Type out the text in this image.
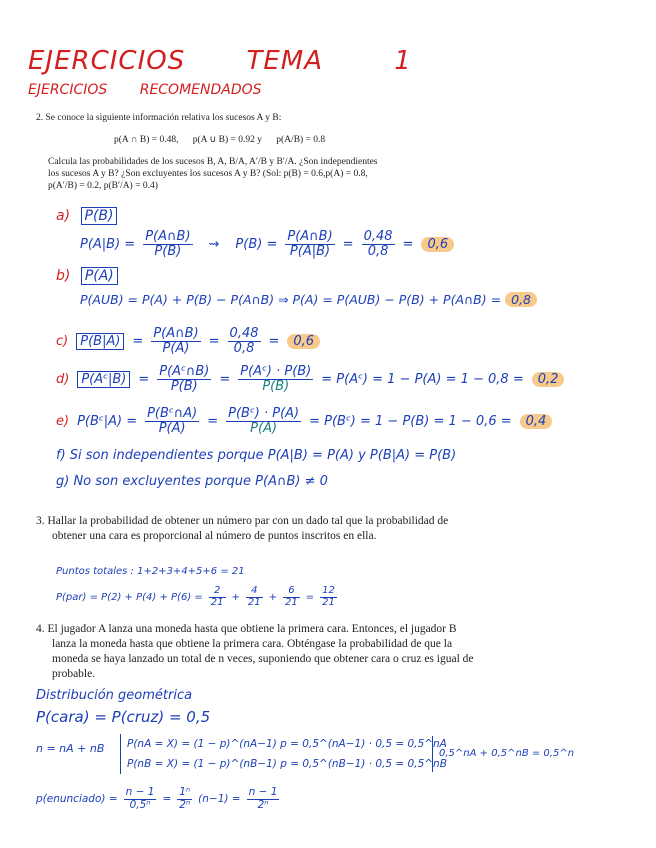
EJERCICIOS TEMA	1
EJERCICIOS RECOMENDADOS
2. Se conoce la siguiente información relativa los sucesos A y B:
p(A ∩ B) = 0.48,      p(A ∪ B) = 0.92 y      p(A/B) = 0.8
Calcula las probabilidades de los sucesos B, A, B/A, A′/B y B′/A. ¿Son independientes
los sucesos A y B? ¿Son excluyentes los sucesos A y B? (Sol: p(B) = 0.6,p(A) = 0.8,
p(A′/B) = 0.2, p(B′/A) = 0.4)
a) P(B)
$P(A|B) = \frac{P(A\cap B)}{P(B)}$ ⇝ $P(B) = \frac{P(A\cap B)}{P(A|B)} = \frac{0,48}{0,8}$ =	0,6
b) P(A)
P(AUB) = P(A) + P(B) − P(A∩B) ⇒ P(A) = P(AUB) − P(B) + P(A∩B) = 0,8
c) $P(B|A) = \frac{P(A\cap B)}{P(A)} = \frac{0,48}{0,8}$ =	0,6
d) P(Aᶜ|B) = $\frac{\text{P(Aᶜ∩B)}}{P(B)} = \frac{\text{P(Aᶜ) · P(B)}}{P(B)}$ = P(Aᶜ) = 1 − P(A) = 1 − 0,8 =	0,2
e) P(Bᶜ|A) = $\frac{\text{P(Bᶜ∩A)}}{P(A)} = \frac{\text{P(Bᶜ) · P(A)}}{P(A)}$ = P(Bᶜ) = 1 − P(B) = 1 − 0,6 =	0,4
f) Si son independientes porque P(A|B) = P(A) y P(B|A) = P(B)
g) No son excluyentes porque P(A∩B) ≠ 0
3. Hallar la probabilidad de obtener un número par con un dado tal que la probabilidad de
obtener una cara es proporcional al número de puntos inscritos en ella.
Puntos totales : 1+2+3+4+5+6 = 21
$P(par) = P(2) + P(4) + P(6) = \frac{2}{21} + \frac{4}{21} + \frac{6}{21} = \frac{12}{21}$
4. El jugador A lanza una moneda hasta que obtiene la primera cara. Entonces, el jugador B
lanza la moneda hasta que obtiene la primera cara. Obténgase la probabilidad de que la
moneda se haya lanzado un total de n veces, suponiendo que obtener cara o cruz es igual de
probable.
Distribución geométrica
P(cara) = P(cruz) = 0,5
n = nA + nB P(nA = X) = (1 − p)^(nA−1) p = 0,5^(nA−1) · 0,5 = 0,5^nA
P(nB = X) = (1 − p)^(nB−1) p = 0,5^(nB−1) · 0,5 = 0,5^nB
0,5^nA + 0,5^nB = 0,5^n
p(enunciado) = $\frac{n - 1}{\text{0,5ⁿ}} = \frac{\text{1ⁿ}}{\text{2ⁿ}} (n-1) = \frac{n - 1}{\text{2ⁿ}}$
